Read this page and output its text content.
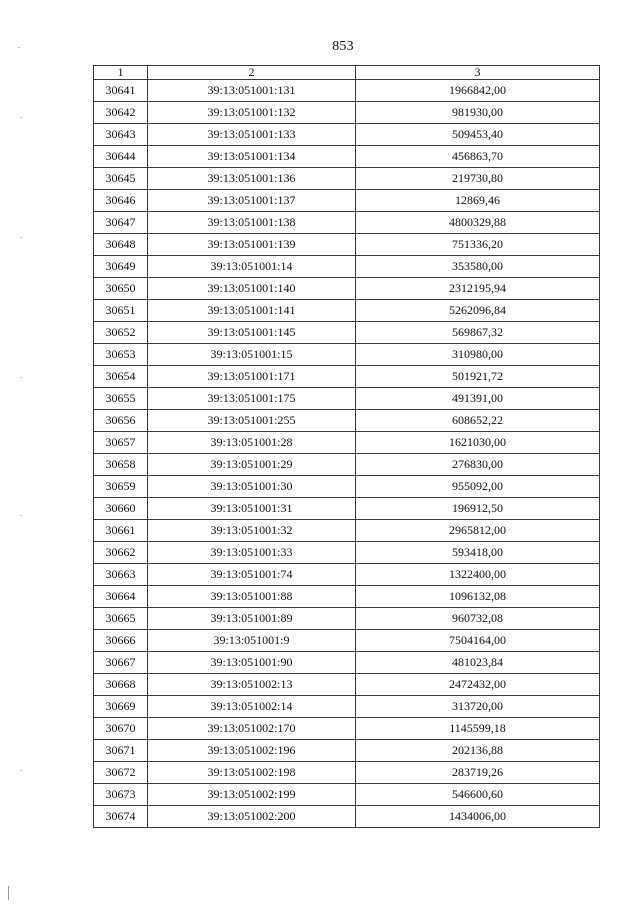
853
1	2	3
30641	39:13:051001:131	1966842,00
30642	39:13:051001:132	981930,00
30643	39:13:051001:133	509453,40
30644	39:13:051001:134	456863,70
30645	39:13:051001:136	219730,80
30646	39:13:051001:137	12869,46
30647	39:13:051001:138	4800329,88
30648	39:13:051001:139	751336,20
30649	39:13:051001:14	353580,00
30650	39:13:051001:140	2312195,94
30651	39:13:051001:141	5262096,84
30652	39:13:051001:145	569867,32
30653	39:13:051001:15	310980,00
30654	39:13:051001:171	501921,72
30655	39:13:051001:175	491391,00
30656	39:13:051001:255	608652,22
30657	39:13:051001:28	1621030,00
30658	39:13:051001:29	276830,00
30659	39:13:051001:30	955092,00
30660	39:13:051001:31	196912,50
30661	39:13:051001:32	2965812,00
30662	39:13:051001:33	593418,00
30663	39:13:051001:74	1322400,00
30664	39:13:051001:88	1096132,08
30665	39:13:051001:89	960732,08
30666	39:13:051001:9	7504164,00
30667	39:13:051001:90	481023,84
30668	39:13:051002:13	2472432,00
30669	39:13:051002:14	313720,00
30670	39:13:051002:170	1145599,18
30671	39:13:051002:196	202136,88
30672	39:13:051002:198	283719,26
30673	39:13:051002:199	546600,60
30674	39:13:051002:200	1434006,00
